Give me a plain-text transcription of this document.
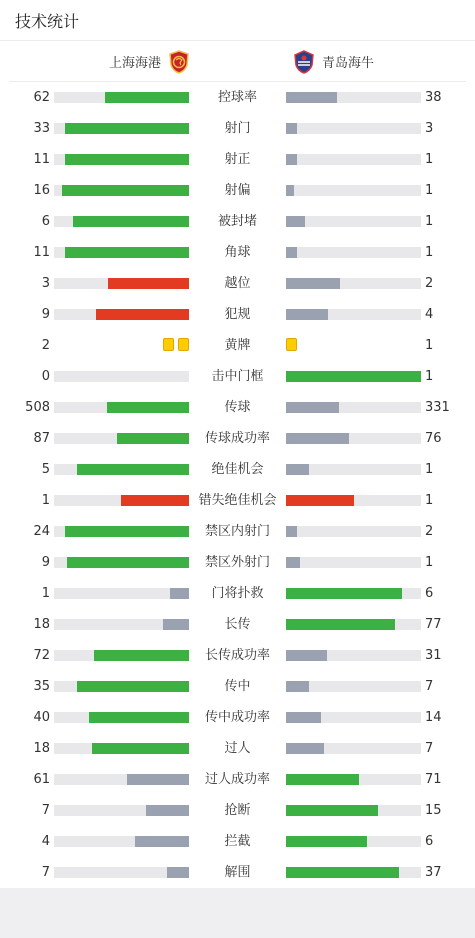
技术统计
上海海港	青岛海牛
62	控球率	38
33	射门	3
11	射正	1
16	射偏	1
6	被封堵	1
11	角球	1
3	越位	2
9	犯规	4
2	黄牌	1
0	击中门框	1
508	传球	331
87	传球成功率	76
5	绝佳机会	1
1	错失绝佳机会	1
24	禁区内射门	2
9	禁区外射门	1
1	门将扑救	6
18	长传	77
72	长传成功率	31
35	传中	7
40	传中成功率	14
18	过人	7
61	过人成功率	71
7	抢断	15
4	拦截	6
7	解围	37
